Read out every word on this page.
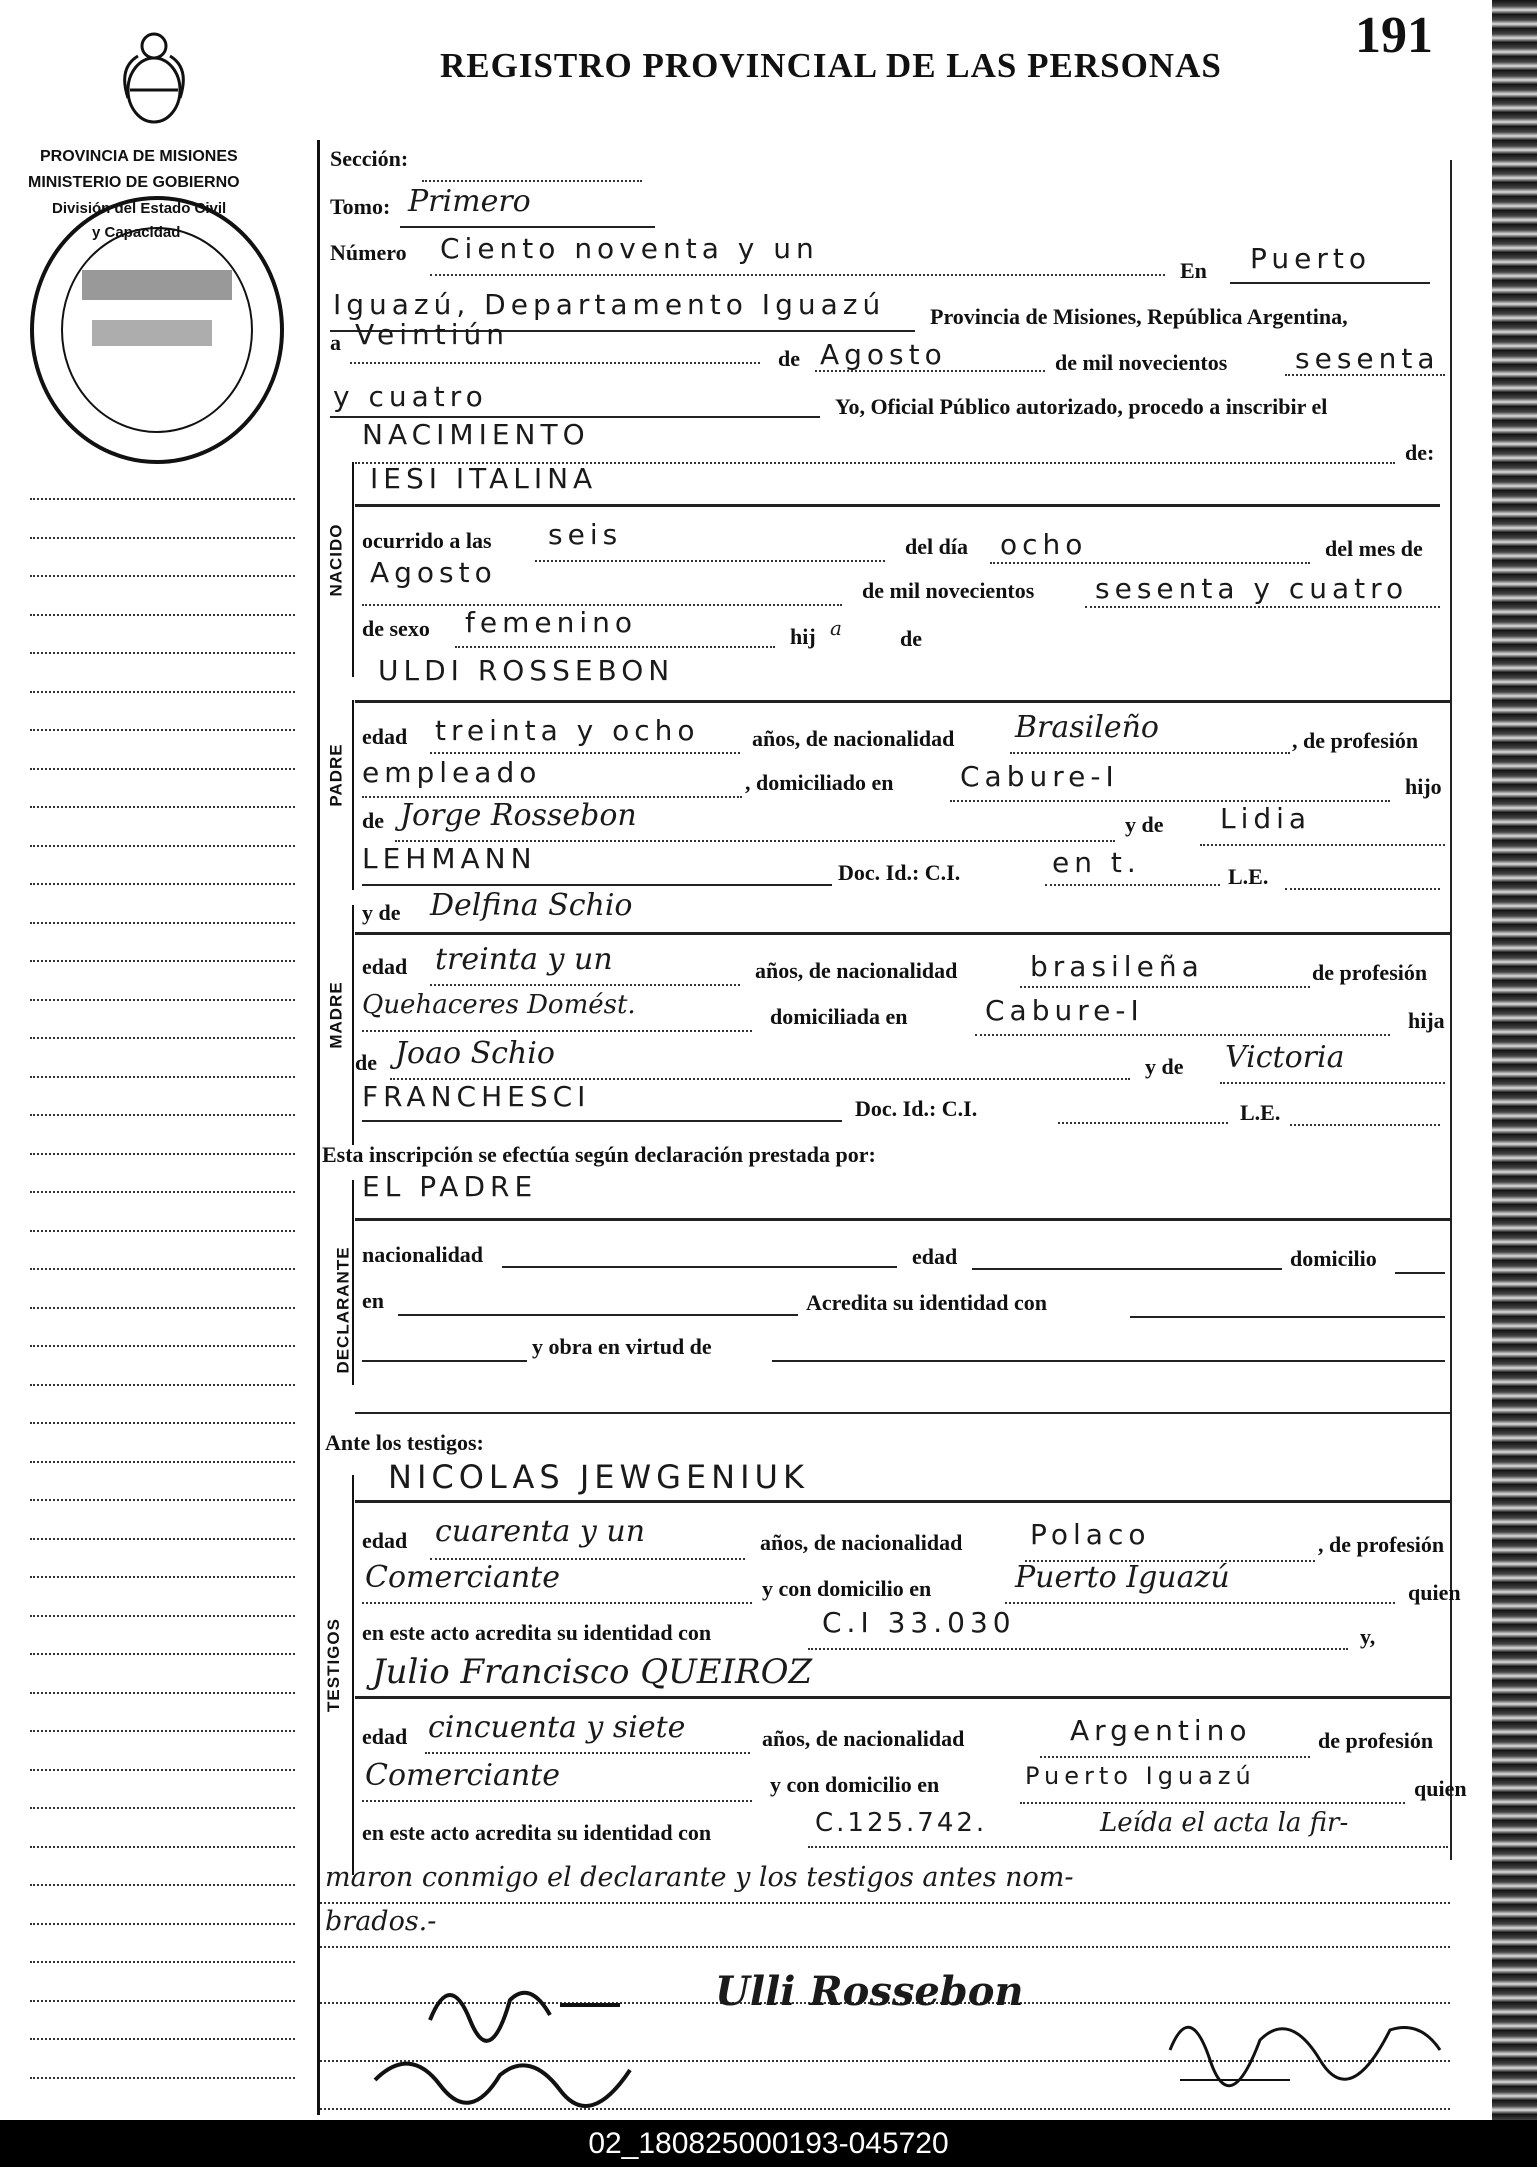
191
REGISTRO PROVINCIAL DE LAS PERSONAS
PROVINCIA DE MISIONES
MINISTERIO DE GOBIERNO
División del Estado Civil
y Capacidad
NACIDO
PADRE
MADRE
DECLARANTE
TESTIGOS
Sección:
Tomo: Primero
Número Ciento noventa y un
En Puerto
Iguazú, Departamento Iguazú Provincia de Misiones, República Argentina,
a Veintiún
de Agosto	de mil novecientos sesenta
y cuatro	Yo, Oficial Público autorizado, procedo a inscribir el
NACIMIENTO
de:
IESI ITALINA
ocurrido a las seis	del día ocho	del mes de
Agosto
de mil novecientos sesenta y cuatro
de sexo femenino	hij a	de
ULDI ROSSEBON
edad treinta y ocho años, de nacionalidad Brasileño	, de profesión
empleado	, domiciliado en Cabure-I	hijo
de Jorge Rossebon	y de Lidia
LEHMANN	Doc. Id.: C.I.	en t.	L.E.
y de Delfina Schio
edad treinta y un	años, de nacionalidad	brasileña	de profesión
Quehaceres Domést.	domiciliada en	Cabure-I	hija
de Joao Schio	y de Victoria
FRANCHESCI	Doc. Id.: C.I.	L.E.
Esta inscripción se efectúa según declaración prestada por:
EL PADRE
nacionalidad	edad	domicilio
en	Acredita su identidad con
y obra en virtud de
Ante los testigos:
NICOLAS JEWGENIUK
edad cuarenta y un	años, de nacionalidad Polaco	, de profesión
Comerciante	y con domicilio en	Puerto Iguazú	quien
en este acto acredita su identidad con	C.I 33.030	y,
Julio Francisco QUEIROZ
edad cincuenta y siete	años, de nacionalidad	Argentino	de profesión
Comerciante	y con domicilio en	Puerto Iguazú	quien
en este acto acredita su identidad con	C.125.742.	Leída el acta la fir-
maron conmigo el declarante y los testigos antes nom-
brados.-
Ulli Rossebon
02_180825000193-045720
